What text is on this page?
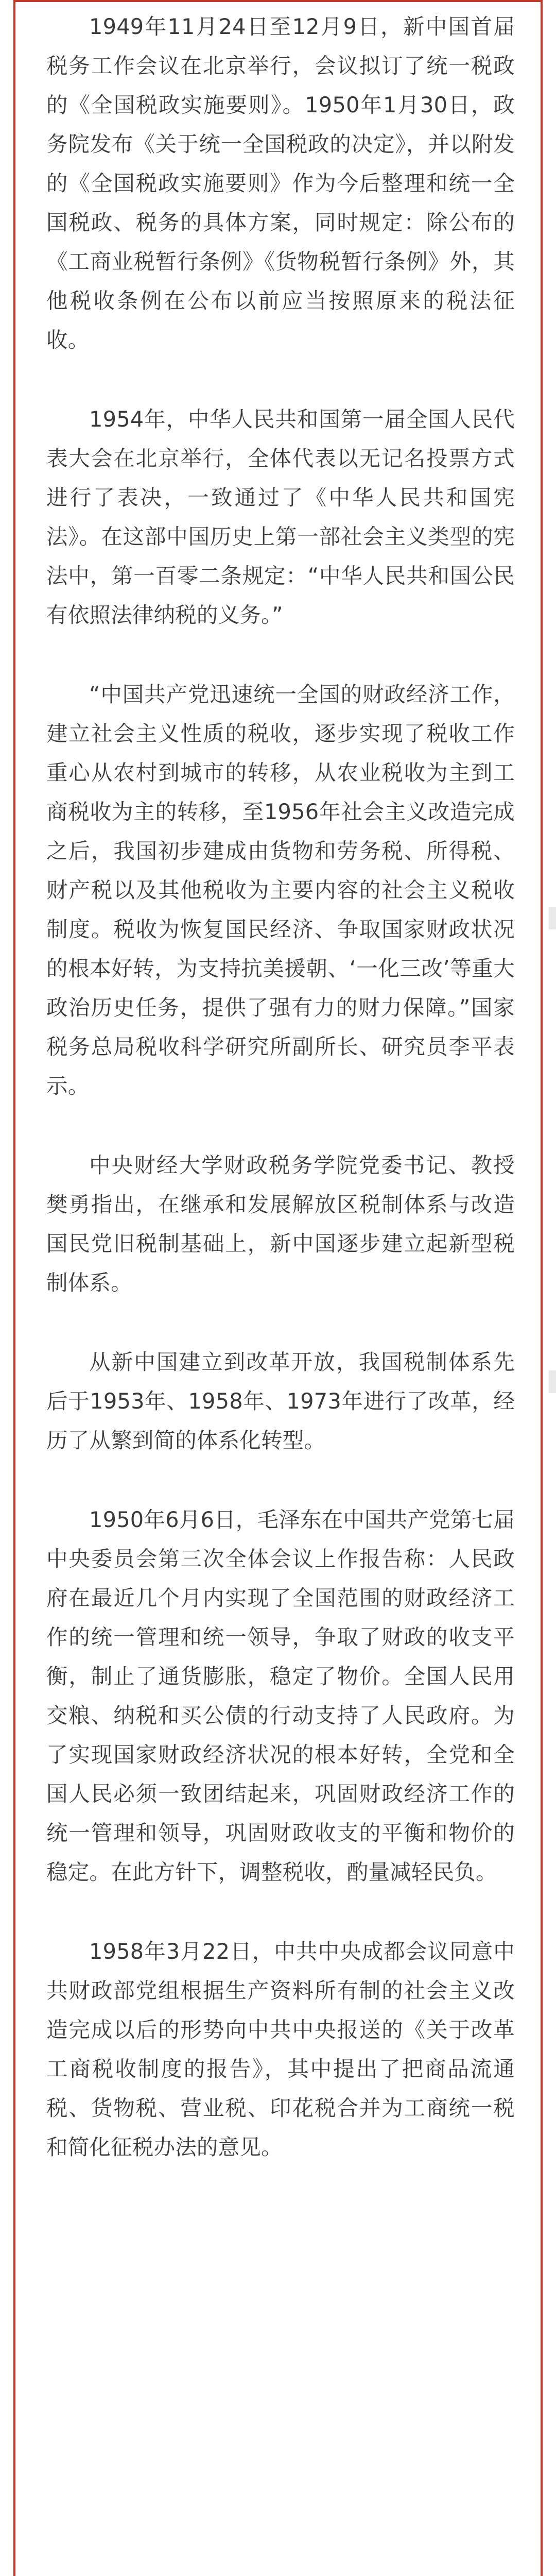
1949年11月24日至12月9日，新中国首届税务工作会议在北京举行，会议拟订了统一税政的《全国税政实施要则》。1950年1月30日，政务院发布《关于统一全国税政的决定》，并以附发的《全国税政实施要则》作为今后整理和统一全国税政、税务的具体方案，同时规定：除公布的《工商业税暂行条例》《货物税暂行条例》外，其他税收条例在公布以前应当按照原来的税法征收。

1954年，中华人民共和国第一届全国人民代表大会在北京举行，全体代表以无记名投票方式进行了表决，一致通过了《中华人民共和国宪法》。在这部中国历史上第一部社会主义类型的宪法中，第一百零二条规定：“中华人民共和国公民有依照法律纳税的义务。”

“中国共产党迅速统一全国的财政经济工作，建立社会主义性质的税收，逐步实现了税收工作重心从农村到城市的转移，从农业税收为主到工商税收为主的转移，至1956年社会主义改造完成之后，我国初步建成由货物和劳务税、所得税、财产税以及其他税收为主要内容的社会主义税收制度。税收为恢复国民经济、争取国家财政状况的根本好转，为支持抗美援朝、‘一化三改’等重大政治历史任务，提供了强有力的财力保障。”国家税务总局税收科学研究所副所长、研究员李平表示。

中央财经大学财政税务学院党委书记、教授樊勇指出，在继承和发展解放区税制体系与改造国民党旧税制基础上，新中国逐步建立起新型税制体系。

从新中国建立到改革开放，我国税制体系先后于1953年、1958年、1973年进行了改革，经历了从繁到简的体系化转型。

1950年6月6日，毛泽东在中国共产党第七届中央委员会第三次全体会议上作报告称：人民政府在最近几个月内实现了全国范围的财政经济工作的统一管理和统一领导，争取了财政的收支平衡，制止了通货膨胀，稳定了物价。全国人民用交粮、纳税和买公债的行动支持了人民政府。为了实现国家财政经济状况的根本好转，全党和全国人民必须一致团结起来，巩固财政经济工作的统一管理和领导，巩固财政收支的平衡和物价的稳定。在此方针下，调整税收，酌量减轻民负。

1958年3月22日，中共中央成都会议同意中共财政部党组根据生产资料所有制的社会主义改造完成以后的形势向中共中央报送的《关于改革工商税收制度的报告》，其中提出了把商品流通税、货物税、营业税、印花税合并为工商统一税和简化征税办法的意见。
